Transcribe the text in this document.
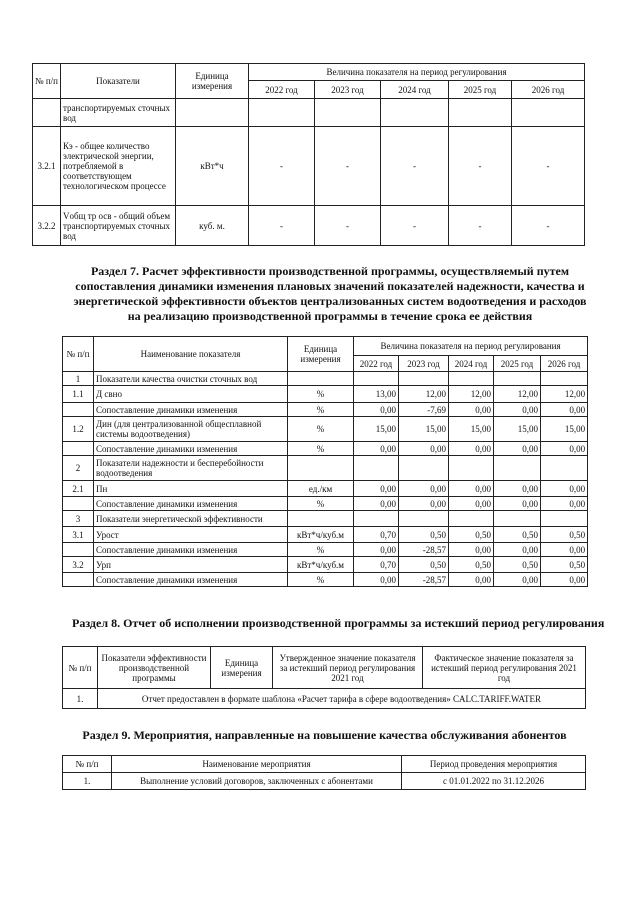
№ п/п	Показатели	Единица измерения	Величина показателя на период регулирования				
			2022 год	2023 год	2024 год	2025 год	2026 год
	транспортируемых сточных вод						
3.2.1	Кэ - общее количество электрической энергии, потребляемой в соответствующем технологическом процессе	кВт*ч	-	-	-	-	-
3.2.2	Vобщ тр осв - общий объем транспортируемых сточных вод	куб. м.	-	-	-	-	-

Раздел 7. Расчет эффективности производственной программы, осуществляемый путем сопоставления динамики изменения плановых значений показателей надежности, качества и энергетической эффективности объектов централизованных систем водоотведения и расходов на реализацию производственной программы в течение срока ее действия

№ п/п	Наименование показателя	Единица измерения	Величина показателя на период регулирования				
			2022 год	2023 год	2024 год	2025 год	2026 год
1	Показатели качества очистки сточных вод						
1.1	Д свно	%	13,00	12,00	12,00	12,00	12,00
	Сопоставление динамики изменения	%	0,00	-7,69	0,00	0,00	0,00
1.2	Дин (для централизованной общесплавной системы водоотведения)	%	15,00	15,00	15,00	15,00	15,00
	Сопоставление динамики изменения	%	0,00	0,00	0,00	0,00	0,00
2	Показатели надежности и бесперебойности водоотведения						
2.1	Пн	ед./км	0,00	0,00	0,00	0,00	0,00
	Сопоставление динамики изменения	%	0,00	0,00	0,00	0,00	0,00
3	Показатели энергетической эффективности						
3.1	Урост	кВт*ч/куб.м	0,70	0,50	0,50	0,50	0,50
	Сопоставление динамики изменения	%	0,00	-28,57	0,00	0,00	0,00
3.2	Урп	кВт*ч/куб.м	0,70	0,50	0,50	0,50	0,50
	Сопоставление динамики изменения	%	0,00	-28,57	0,00	0,00	0,00

Раздел 8. Отчет об исполнении производственной программы за истекший период регулирования

№ п/п	Показатели эффективности производственной программы	Единица измерения	Утвержденное значение показателя за истекший период регулирования 2021 год	Фактическое значение показателя за истекший период регулирования 2021 год
1.	Отчет предоставлен в формате шаблона «Расчет тарифа в сфере водоотведения» CALC.TARIFF.WATER			

Раздел 9. Мероприятия, направленные на повышение качества обслуживания абонентов

№ п/п	Наименование мероприятия	Период проведения мероприятия
1.	Выполнение условий договоров, заключенных с абонентами	с 01.01.2022 по 31.12.2026
